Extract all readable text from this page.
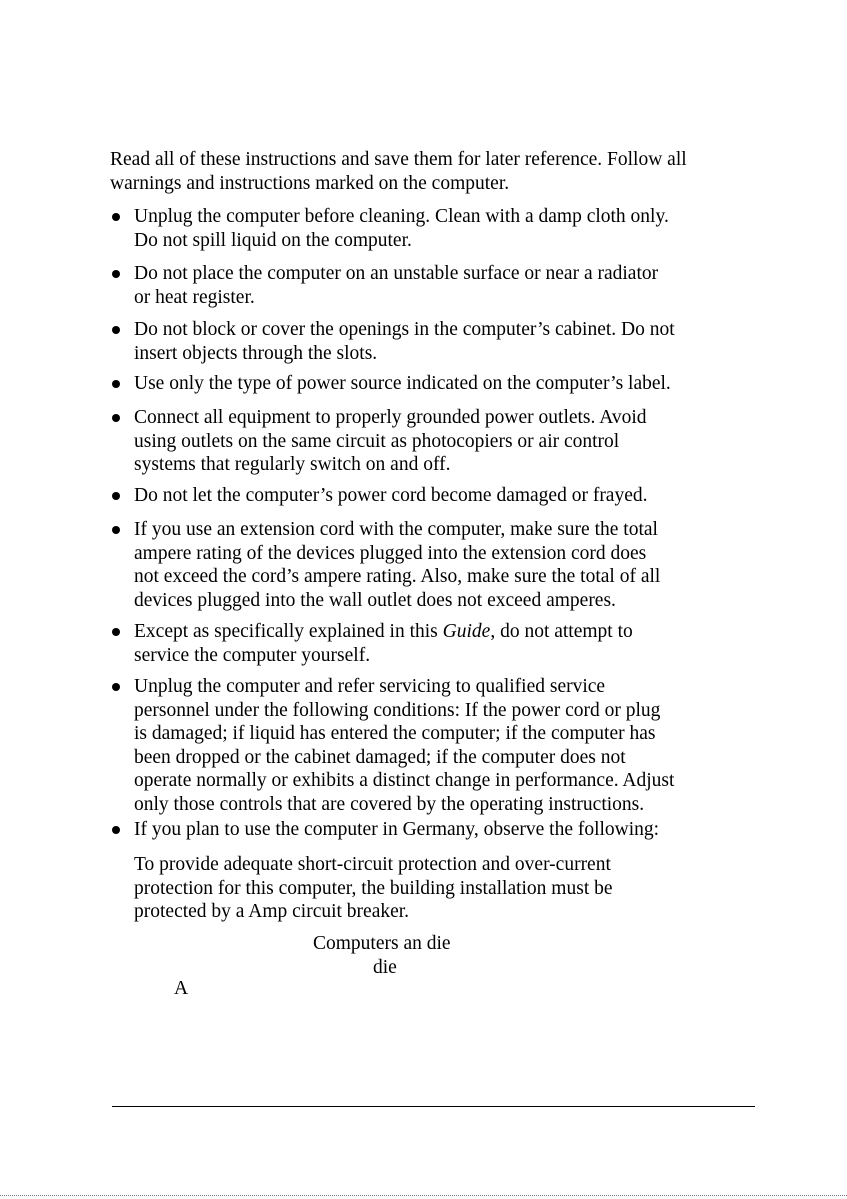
Read all of these instructions and save them for later reference. Follow all warnings and instructions marked on the computer.

Unplug the computer before cleaning. Clean with a damp cloth only.
Do not spill liquid on the computer.

Do not place the computer on an unstable surface or near a radiator
or heat register.

Do not block or cover the openings in the computer’s cabinet. Do not
insert objects through the slots.

Use only the type of power source indicated on the computer’s label.

Connect all equipment to properly grounded power outlets. Avoid
using outlets on the same circuit as photocopiers or air control
systems that regularly switch on and off.

Do not let the computer’s power cord become damaged or frayed.

If you use an extension cord with the computer, make sure the total
ampere rating of the devices plugged into the extension cord does
not exceed the cord’s ampere rating. Also, make sure the total of all
devices plugged into the wall outlet does not exceed amperes.

Except as specifically explained in this Guide, do not attempt to
service the computer yourself.

Unplug the computer and refer servicing to qualified service
personnel under the following conditions: If the power cord or plug
is damaged; if liquid has entered the computer; if the computer has
been dropped or the cabinet damaged; if the computer does not
operate normally or exhibits a distinct change in performance. Adjust
only those controls that are covered by the operating instructions.

If you plan to use the computer in Germany, observe the following:

To provide adequate short-circuit protection and over-current
protection for this computer, the building installation must be
protected by a Amp circuit breaker.

Computers an die
die
A
